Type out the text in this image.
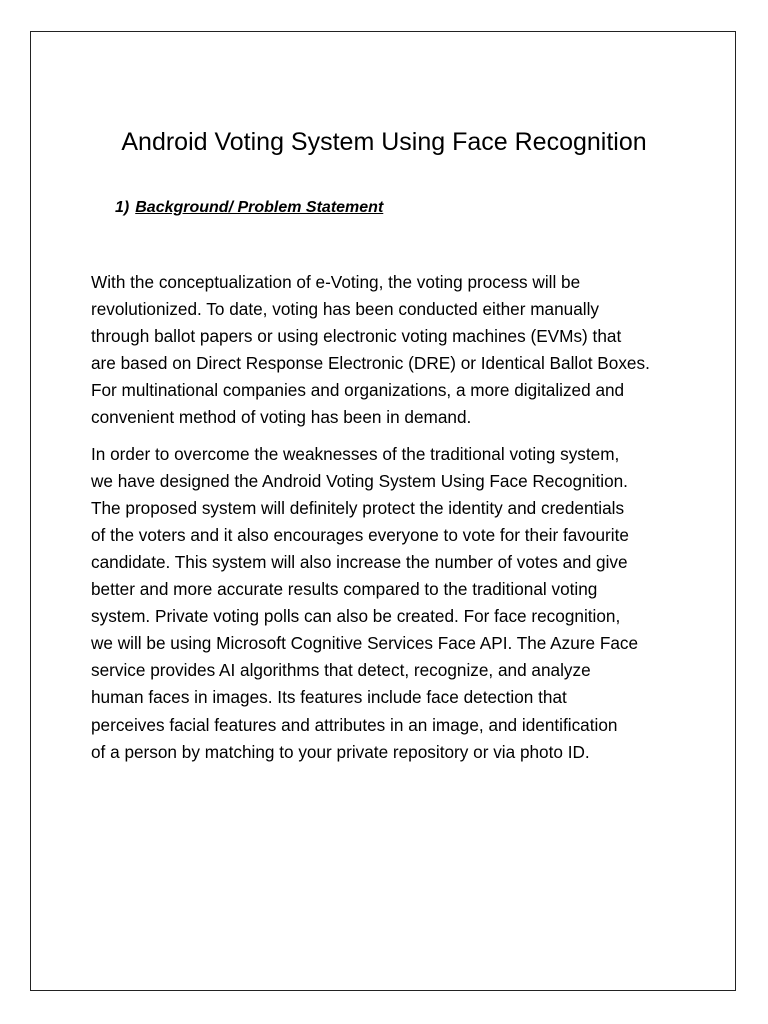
Android Voting System Using Face Recognition
1) Background/ Problem Statement

With the conceptualization of e-Voting, the voting process will be
revolutionized. To date, voting has been conducted either manually
through ballot papers or using electronic voting machines (EVMs) that
are based on Direct Response Electronic (DRE) or Identical Ballot Boxes.
For multinational companies and organizations, a more digitalized and
convenient method of voting has been in demand.

In order to overcome the weaknesses of the traditional voting system,
we have designed the Android Voting System Using Face Recognition.
The proposed system will definitely protect the identity and credentials
of the voters and it also encourages everyone to vote for their favourite
candidate. This system will also increase the number of votes and give
better and more accurate results compared to the traditional voting
system. Private voting polls can also be created. For face recognition,
we will be using Microsoft Cognitive Services Face API. The Azure Face
service provides AI algorithms that detect, recognize, and analyze
human faces in images. Its features include face detection that
perceives facial features and attributes in an image, and identification
of a person by matching to your private repository or via photo ID.
